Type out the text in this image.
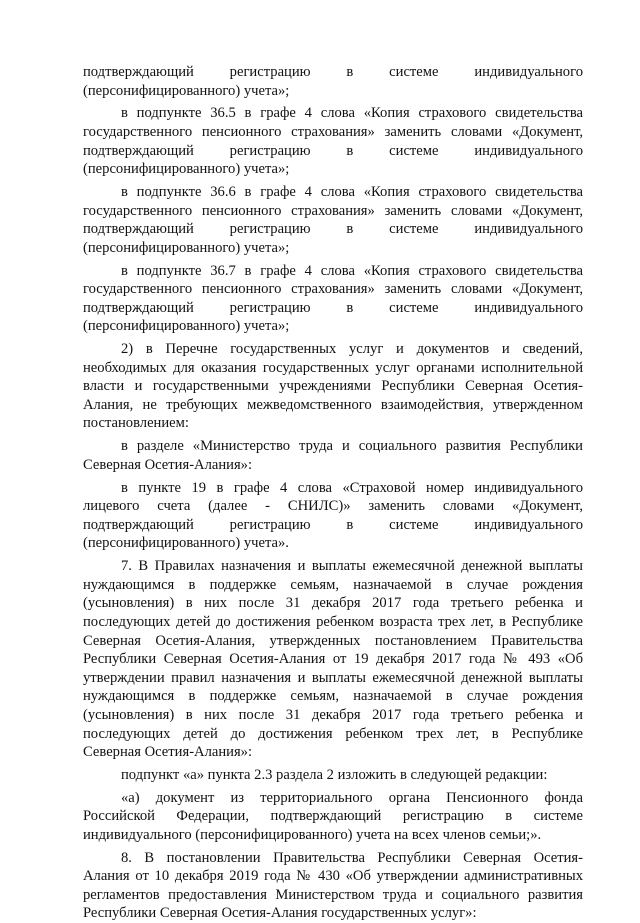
подтверждающий регистрацию в системе индивидуального
(персонифицированного) учета»;
в подпункте 36.5 в графе 4 слова «Копия страхового свидетельства
государственного пенсионного страхования» заменить словами «Документ,
подтверждающий регистрацию в системе индивидуального
(персонифицированного) учета»;
в подпункте 36.6 в графе 4 слова «Копия страхового свидетельства
государственного пенсионного страхования» заменить словами «Документ,
подтверждающий регистрацию в системе индивидуального
(персонифицированного) учета»;
в подпункте 36.7 в графе 4 слова «Копия страхового свидетельства
государственного пенсионного страхования» заменить словами «Документ,
подтверждающий регистрацию в системе индивидуального
(персонифицированного) учета»;
2) в Перечне государственных услуг и документов и сведений,
необходимых для оказания государственных услуг органами исполнительной
власти и государственными учреждениями Республики Северная Осетия-
Алания, не требующих межведомственного взаимодействия, утвержденном
постановлением:
в разделе «Министерство труда и социального развития Республики
Северная Осетия-Алания»:
в пункте 19 в графе 4 слова «Страховой номер индивидуального
лицевого счета (далее - СНИЛС)» заменить словами «Документ,
подтверждающий регистрацию в системе индивидуального
(персонифицированного) учета».
7. В Правилах назначения и выплаты ежемесячной денежной выплаты
нуждающимся в поддержке семьям, назначаемой в случае рождения
(усыновления) в них после 31 декабря 2017 года третьего ребенка и
последующих детей до достижения ребенком возраста трех лет, в Республике
Северная Осетия-Алания, утвержденных постановлением Правительства
Республики Северная Осетия-Алания от 19 декабря 2017 года № 493 «Об
утверждении правил назначения и выплаты ежемесячной денежной выплаты
нуждающимся в поддержке семьям, назначаемой в случае рождения
(усыновления) в них после 31 декабря 2017 года третьего ребенка и
последующих детей до достижения ребенком трех лет, в Республике
Северная Осетия-Алания»:
подпункт «а» пункта 2.3 раздела 2 изложить в следующей редакции:
«а) документ из территориального органа Пенсионного фонда
Российской Федерации, подтверждающий регистрацию в системе
индивидуального (персонифицированного) учета на всех членов семьи;».
8. В постановлении Правительства Республики Северная Осетия-
Алания от 10 декабря 2019 года № 430 «Об утверждении административных
регламентов предоставления Министерством труда и социального развития
Республики Северная Осетия-Алания государственных услуг»:
